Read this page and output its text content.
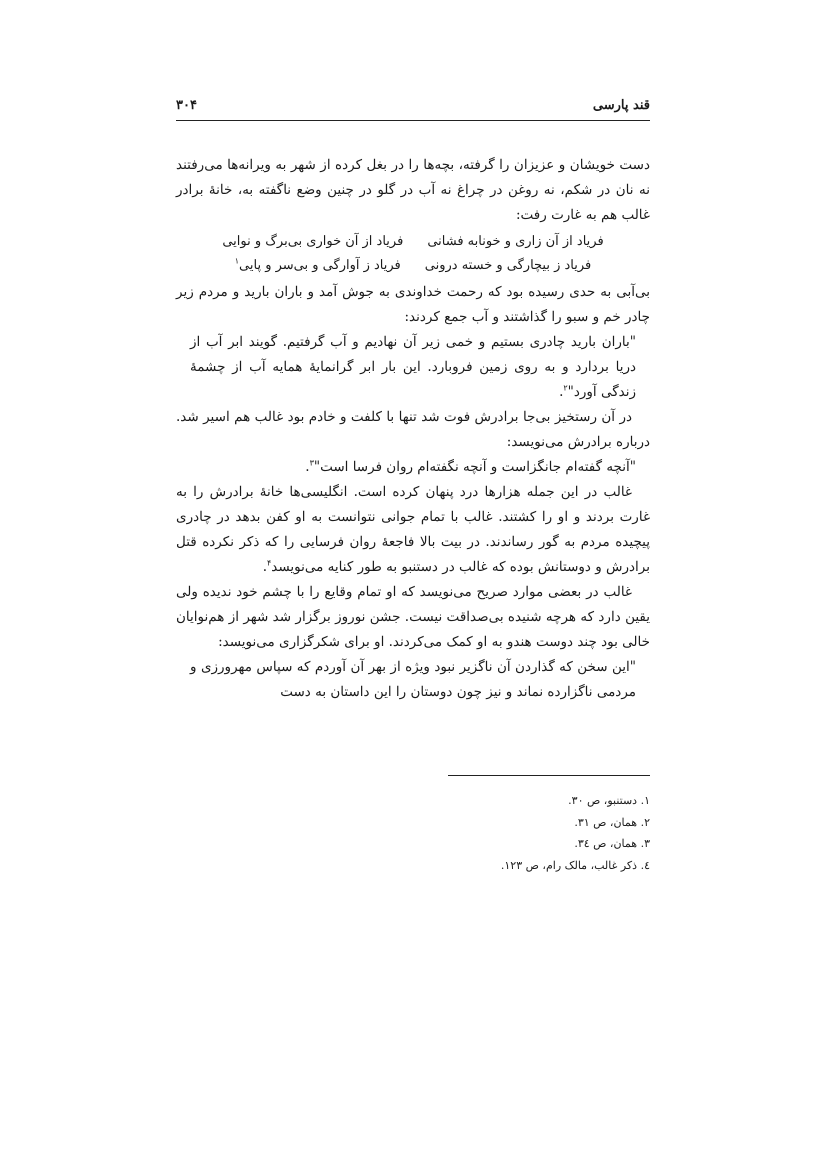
قند پارسی
۳۰۴

دست خویشان و عزیزان را گرفته، بچه‌ها را در بغل کرده از شهر به ویرانه‌ها می‌رفتند نه نان در شکم، نه روغن در چراغ نه آب در گلو در چنین وضع ناگفته به، خانهٔ برادر غالب هم به غارت رفت:

فریاد از آن زاری و خونابه فشانی
فریاد از آن خواری بی‌برگ و نوایی
فریاد ز بیچارگی و خسته درونی
فریاد ز آوارگی و بی‌سر و پایی$^۱$

بی‌آبی به حدی رسیده بود که رحمت خداوندی به جوش آمد و باران بارید و مردم زیر چادر خم و سبو را گذاشتند و آب جمع کردند:

"باران بارید چادری بستیم و خمی زیر آن نهادیم و آب گرفتیم. گویند ابر آب از دریا بردارد و به روی زمین فروبارد. این بار ابر گرانمایهٔ همایه آب از چشمهٔ زندگی آورد"$^۲$.

در آن رستخیز بی‌جا برادرش فوت شد تنها با کلفت و خادم بود غالب هم اسیر شد. درباره برادرش می‌نویسد:

"آنچه گفته‌ام جانگزاست و آنچه نگفته‌ام روان فرسا است"$^۳$.

غالب در این جمله هزارها درد پنهان کرده است. انگلیسی‌ها خانهٔ برادرش را به غارت بردند و او را کشتند. غالب با تمام جوانی نتوانست به او کفن بدهد در چادری پیچیده مردم به گور رساندند. در بیت بالا فاجعهٔ روان فرسایی را که ذکر نکرده قتل برادرش و دوستانش بوده که غالب در دستنبو به طور کنایه می‌نویسد$^۴$.

غالب در بعضی موارد صریح می‌نویسد که او تمام وقایع را با چشم خود ندیده ولی یقین دارد که هرچه شنیده بی‌صداقت نیست. جشن نوروز برگزار شد شهر از هم‌نوایان خالی بود چند دوست هندو به او کمک می‌کردند. او برای شکرگزاری می‌نویسد:

"این سخن که گذاردن آن ناگزیر نبود ویژه از بهر آن آوردم که سپاس مهرورزی و مردمی ناگزارده نماند و نیز چون دوستان را این داستان به دست

۱. دستنبو، ص ۳۰.

۲. همان، ص ۳۱.

۳. همان، ص ۳٤.

٤. ذکر غالب، مالک رام، ص ۱۲۳.
